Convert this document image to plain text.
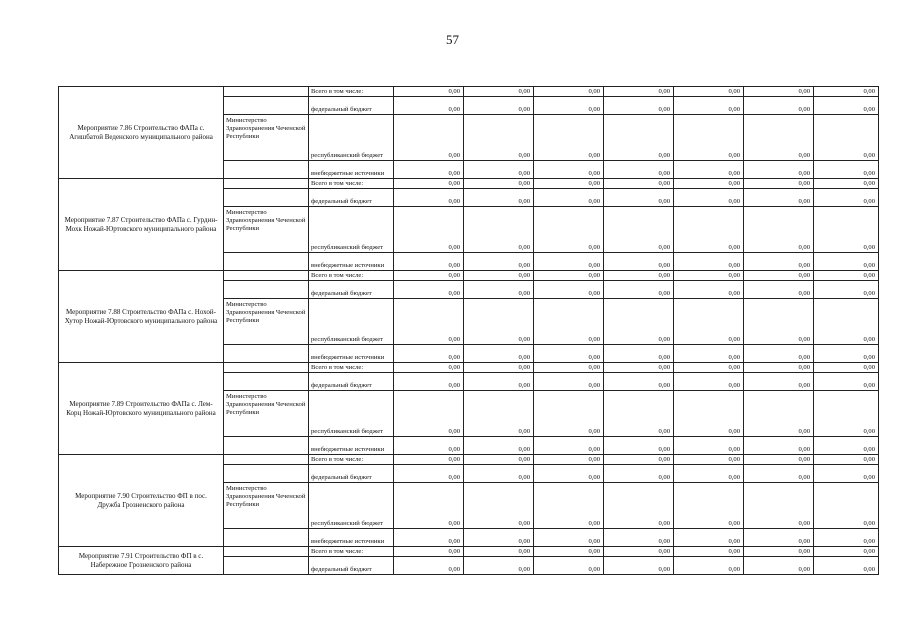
57
Мероприятие 7.86 Строительство ФАПа с. Агишбатой Веденского муниципального района		Всего в том числе:	0,00	0,00	0,00	0,00	0,00	0,00	0,00
		федеральный бюджет	0,00	0,00	0,00	0,00	0,00	0,00	0,00
	Министерство Здравоохранения Чеченской Республики	республиканский бюджет	0,00	0,00	0,00	0,00	0,00	0,00	0,00
		внебюджетные источники	0,00	0,00	0,00	0,00	0,00	0,00	0,00
Мероприятие 7.87 Строительство ФАПа с. Гурдин-Мохк Ножай-Юртовского муниципального района		Всего в том числе:	0,00	0,00	0,00	0,00	0,00	0,00	0,00
		федеральный бюджет	0,00	0,00	0,00	0,00	0,00	0,00	0,00
	Министерство Здравоохранения Чеченской Республики	республиканский бюджет	0,00	0,00	0,00	0,00	0,00	0,00	0,00
		внебюджетные источники	0,00	0,00	0,00	0,00	0,00	0,00	0,00
Мероприятие 7.88 Строительство ФАПа с. Нохой-Хутор Ножай-Юртовского муниципального района		Всего в том числе:	0,00	0,00	0,00	0,00	0,00	0,00	0,00
		федеральный бюджет	0,00	0,00	0,00	0,00	0,00	0,00	0,00
	Министерство Здравоохранения Чеченской Республики	республиканский бюджет	0,00	0,00	0,00	0,00	0,00	0,00	0,00
		внебюджетные источники	0,00	0,00	0,00	0,00	0,00	0,00	0,00
Мероприятие 7.89 Строительство ФАПа с. Лем-Корц Ножай-Юртовского муниципального района		Всего в том числе:	0,00	0,00	0,00	0,00	0,00	0,00	0,00
		федеральный бюджет	0,00	0,00	0,00	0,00	0,00	0,00	0,00
	Министерство Здравоохранения Чеченской Республики	республиканский бюджет	0,00	0,00	0,00	0,00	0,00	0,00	0,00
		внебюджетные источники	0,00	0,00	0,00	0,00	0,00	0,00	0,00
Мероприятие 7.90 Строительство ФП в пос. Дружба Грозненского района		Всего в том числе:	0,00	0,00	0,00	0,00	0,00	0,00	0,00
		федеральный бюджет	0,00	0,00	0,00	0,00	0,00	0,00	0,00
	Министерство Здравоохранения Чеченской Республики	республиканский бюджет	0,00	0,00	0,00	0,00	0,00	0,00	0,00
		внебюджетные источники	0,00	0,00	0,00	0,00	0,00	0,00	0,00
Мероприятие 7.91 Строительство ФП в с. Набережное Грозненского района		Всего в том числе:	0,00	0,00	0,00	0,00	0,00	0,00	0,00
		федеральный бюджет	0,00	0,00	0,00	0,00	0,00	0,00	0,00
